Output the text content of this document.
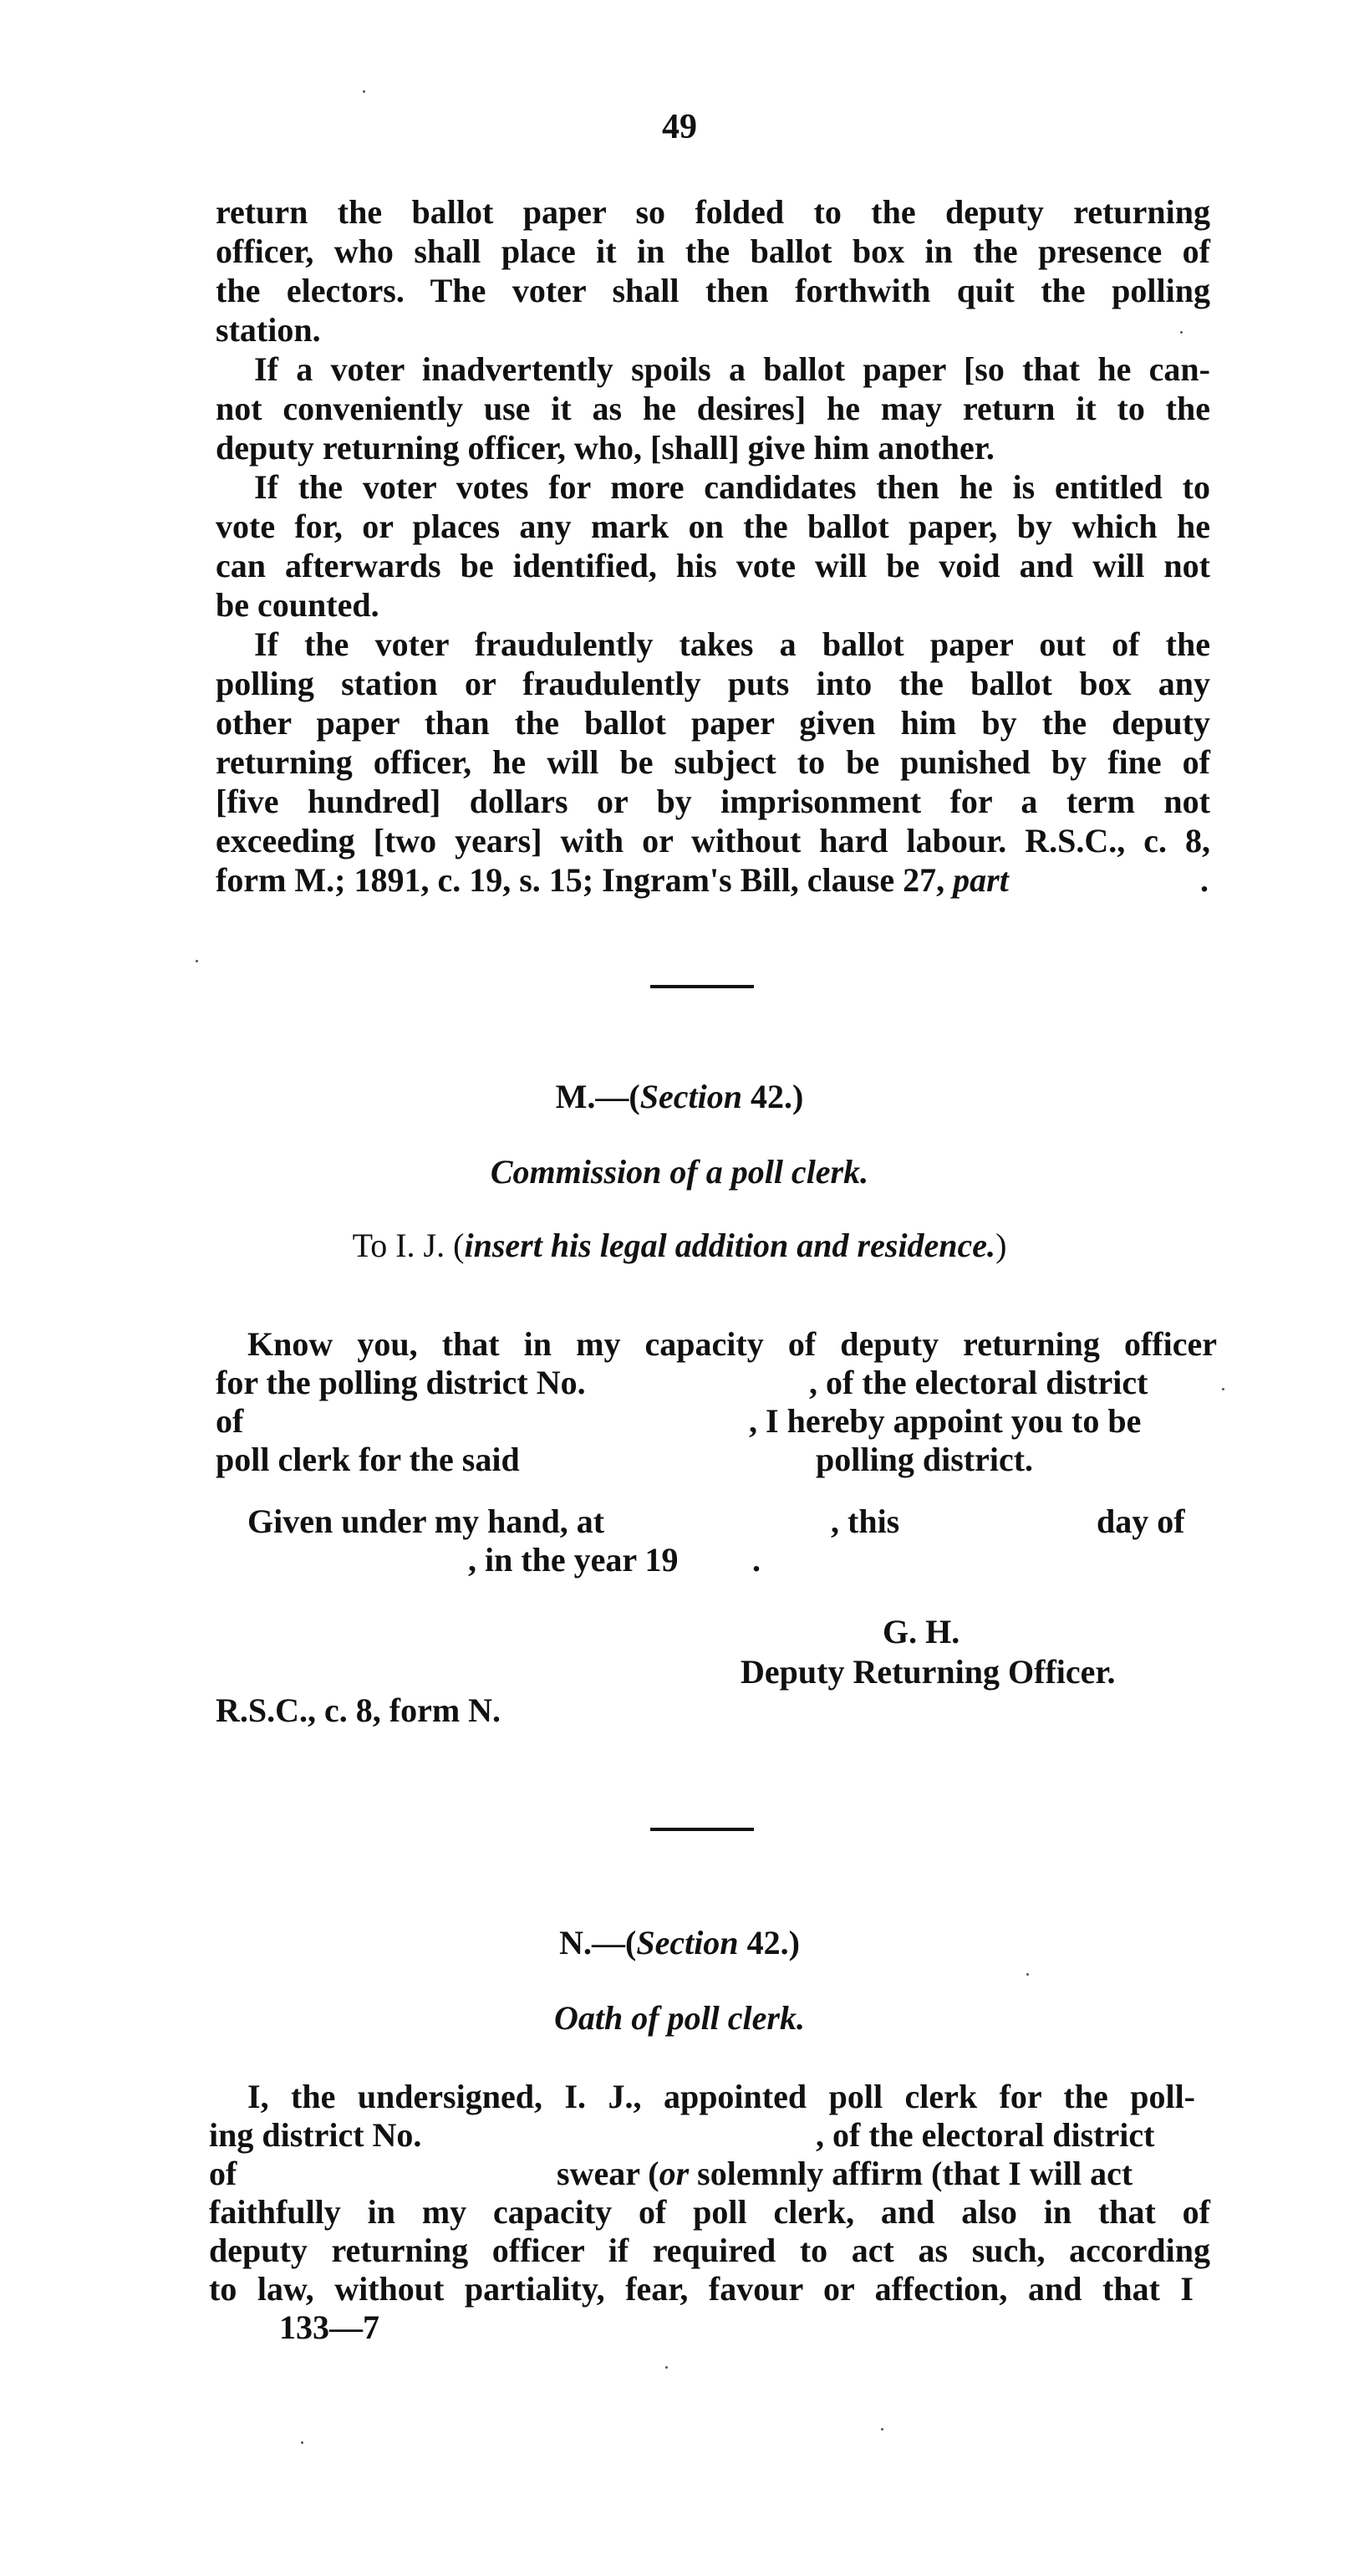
49
return the ballot paper so folded to the deputy returning
officer, who shall place it in the ballot box in the presence of
the electors. The voter shall then forthwith quit the polling
station.
If a voter inadvertently spoils a ballot paper [so that he can-
not conveniently use it as he desires] he may return it to the
deputy returning officer, who, [shall] give him another.
If the voter votes for more candidates then he is entitled to
vote for, or places any mark on the ballot paper, by which he
can afterwards be identified, his vote will be void and will not
be counted.
If the voter fraudulently takes a ballot paper out of the
polling station or fraudulently puts into the ballot box any
other paper than the ballot paper given him by the deputy
returning officer, he will be subject to be punished by fine of
[five hundred] dollars or by imprisonment for a term not
exceeding [two years] with or without hard labour. R.S.C., c. 8,
form M.; 1891, c. 19, s. 15; Ingram's Bill, clause 27, part	.
M.—(Section 42.)
Commission of a poll clerk.
To I. J. (insert his legal addition and residence.)
Know you, that in my capacity of deputy returning officer
for the polling district No.	, of the electoral district
of	, I hereby appoint you to be
poll clerk for the said	polling district.
Given under my hand, at	, this	day of
, in the year 19	.
G. H.
Deputy Returning Officer.
R.S.C., c. 8, form N.
N.—(Section 42.)
Oath of poll clerk.
I, the undersigned, I. J., appointed poll clerk for the poll-
ing district No.	, of the electoral district
of	swear (or solemnly affirm (that I will act
faithfully in my capacity of poll clerk, and also in that of
deputy returning officer if required to act as such, according
to law, without partiality, fear, favour or affection, and that I
133—7
